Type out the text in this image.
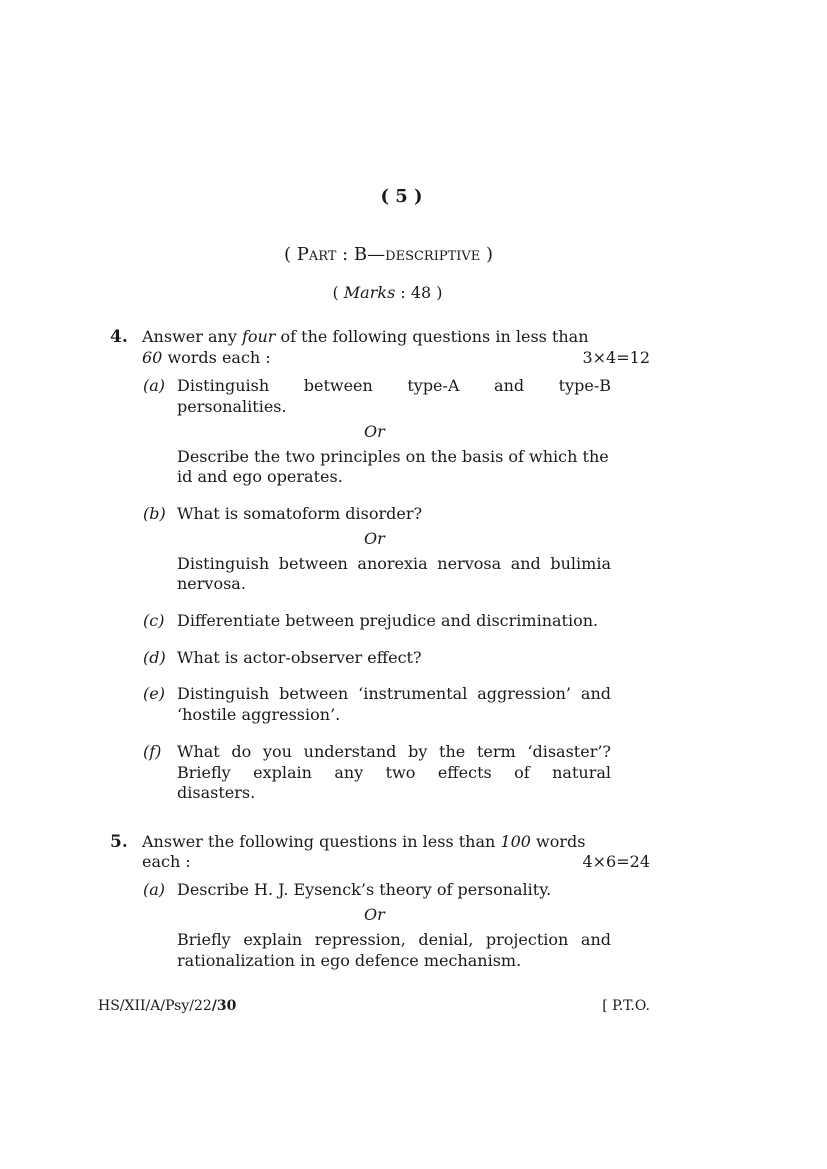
( 5 )
( Part : B—descriptive )
( Marks : 48 )
4. Answer any four of the following questions in less than
60 words each :	3×4=12
(a) Distinguish between type-A and type-B
personalities.
Or
Describe the two principles on the basis of which the
id and ego operates.
(b) What is somatoform disorder?
Or
Distinguish between anorexia nervosa and bulimia
nervosa.
(c) Differentiate between prejudice and discrimination.
(d) What is actor-observer effect?
(e) Distinguish between ‘instrumental aggression’ and
‘hostile aggression’.
(f) What do you understand by the term ‘disaster’?
Briefly explain any two effects of natural
disasters.
5. Answer the following questions in less than 100 words
each :	4×6=24
(a) Describe H. J. Eysenck’s theory of personality.
Or
Briefly explain repression, denial, projection and
rationalization in ego defence mechanism.
HS/XII/A/Psy/22/30	[ P.T.O.
